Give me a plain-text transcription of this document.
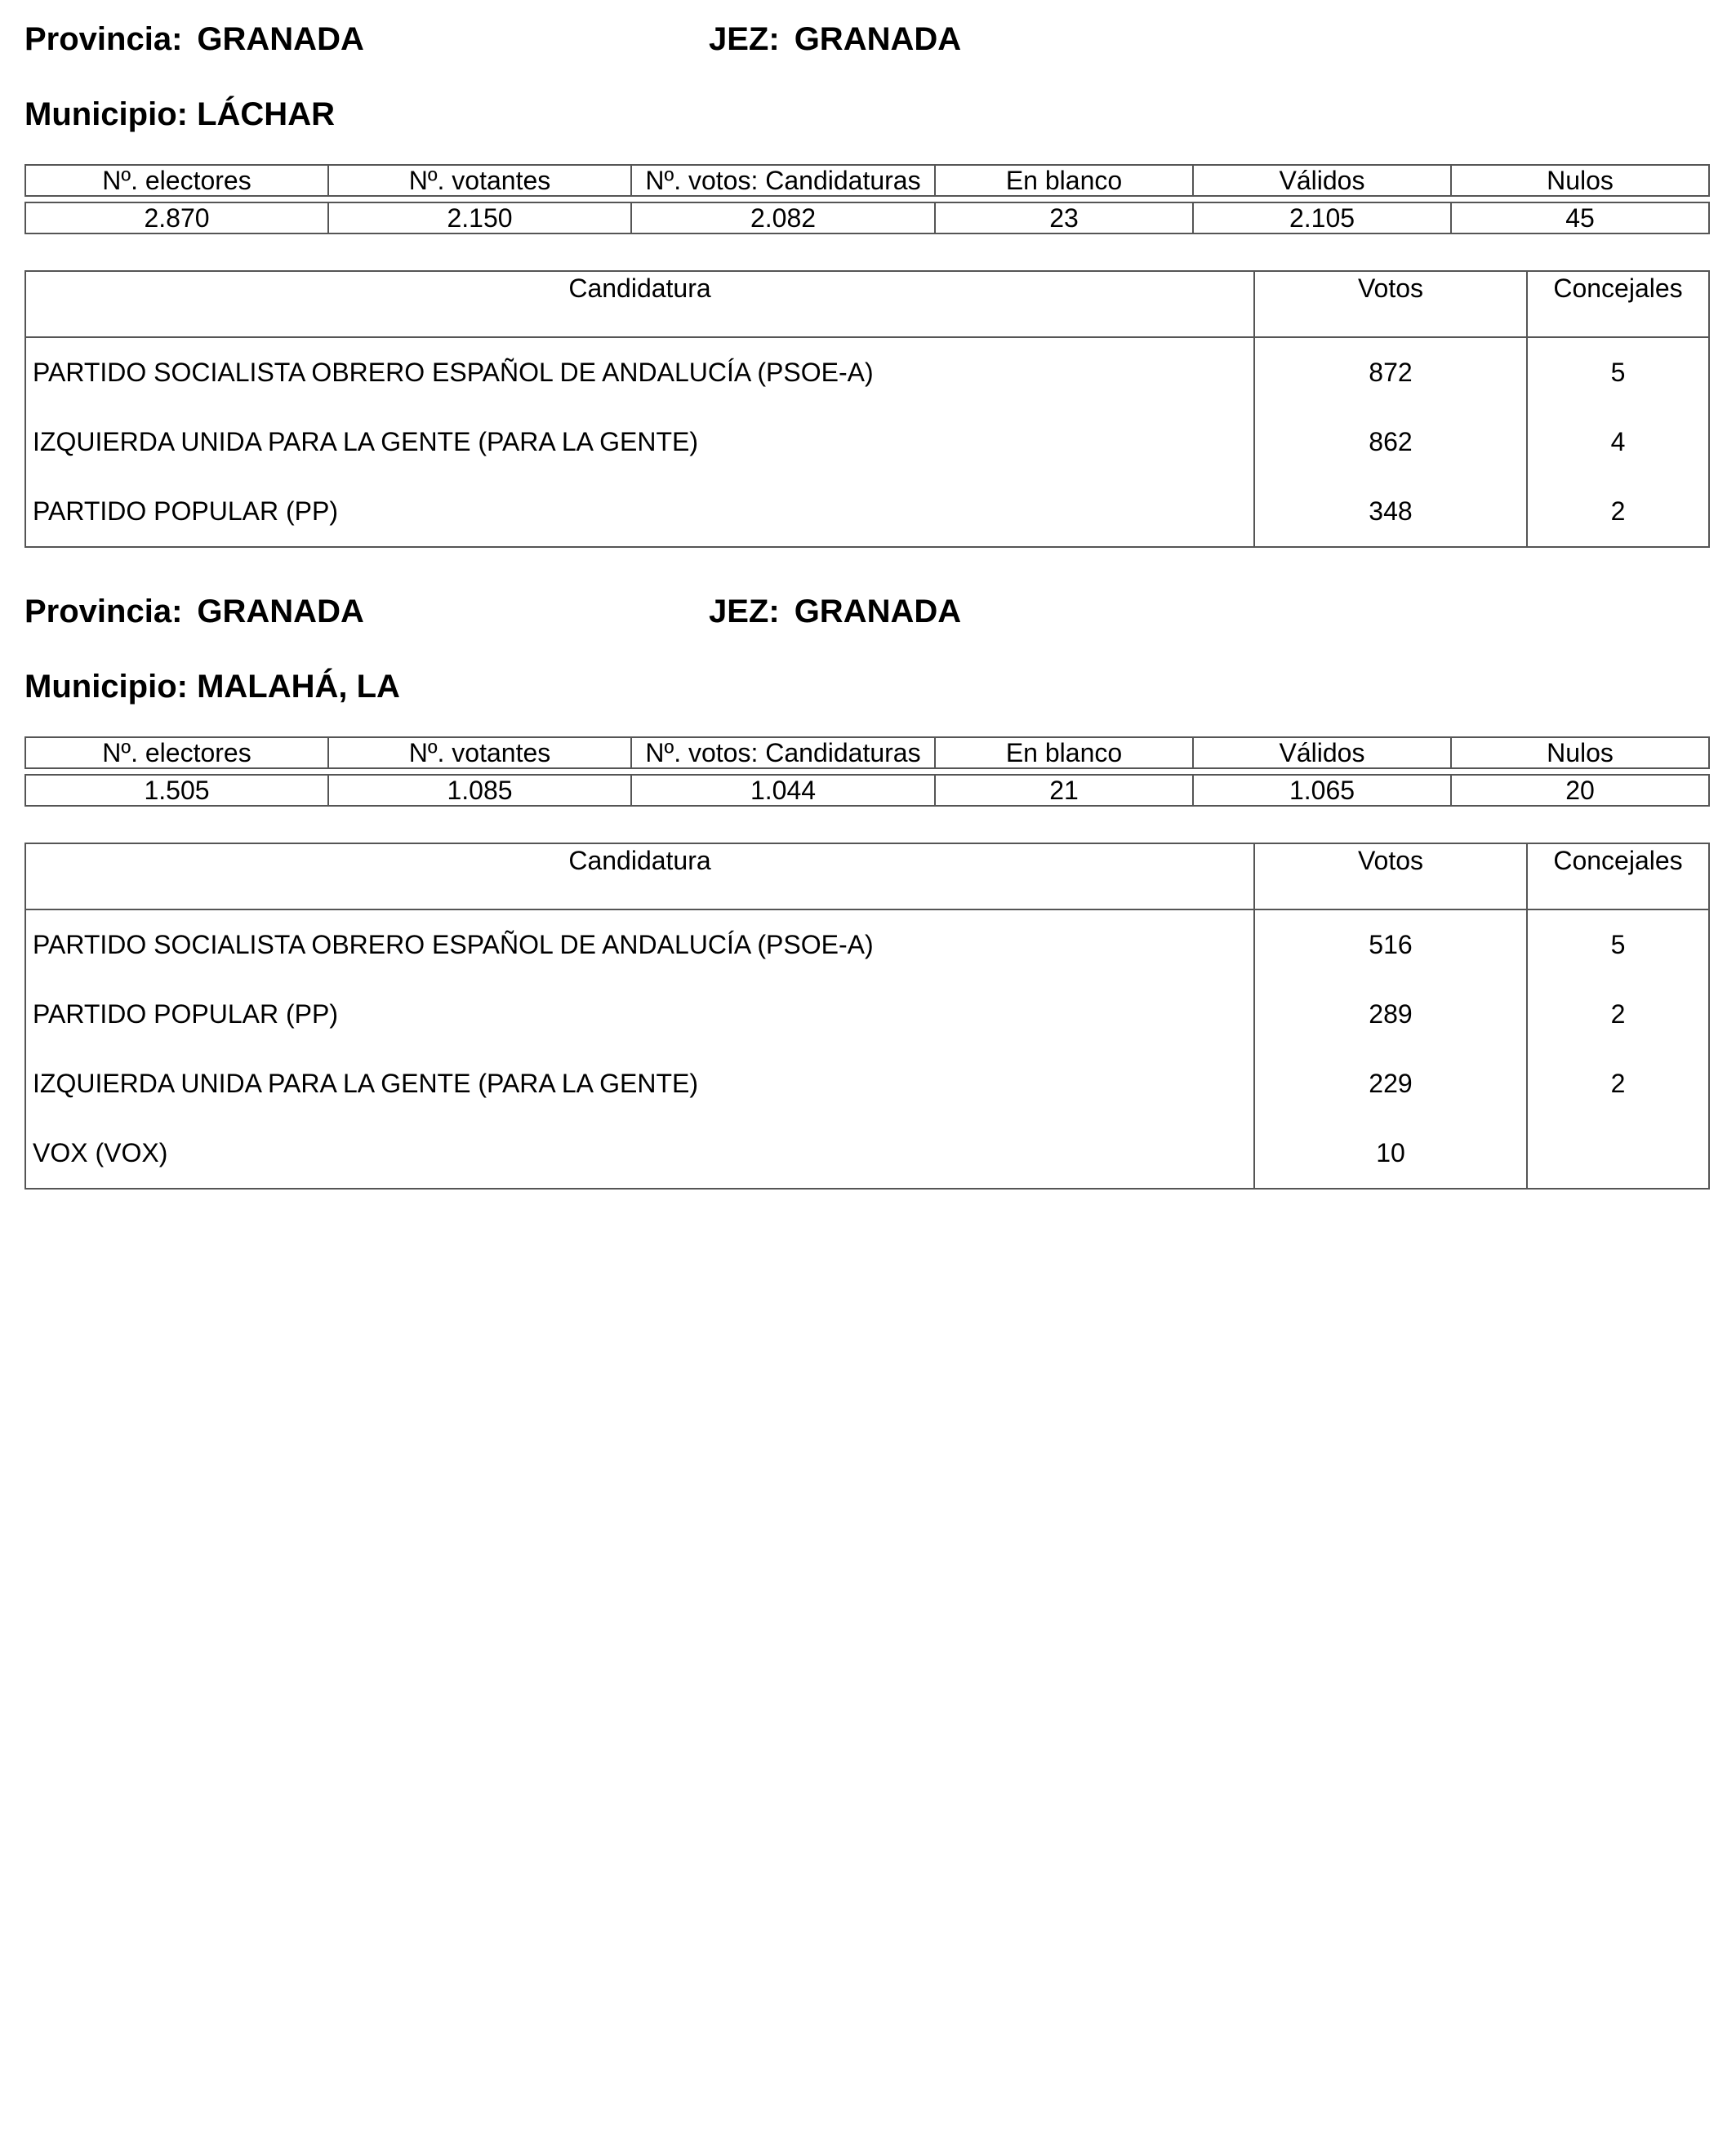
Provincia: GRANADA	JEZ: GRANADA
Municipio: LÁCHAR
Nº. electores	Nº. votantes	Nº. votos: Candidaturas	En blanco	Válidos	Nulos

2.870	2.150	2.082	23	2.105	45
Candidatura	Votos	Concejales
PARTIDO SOCIALISTA OBRERO ESPAÑOL DE ANDALUCÍA (PSOE-A)	872	5
IZQUIERDA UNIDA PARA LA GENTE (PARA LA GENTE)	862	4
PARTIDO POPULAR (PP)	348	2
Provincia: GRANADA	JEZ: GRANADA
Municipio: MALAHÁ, LA
Nº. electores	Nº. votantes	Nº. votos: Candidaturas	En blanco	Válidos	Nulos

1.505	1.085	1.044	21	1.065	20
Candidatura	Votos	Concejales
PARTIDO SOCIALISTA OBRERO ESPAÑOL DE ANDALUCÍA (PSOE-A)	516	5
PARTIDO POPULAR (PP)	289	2
IZQUIERDA UNIDA PARA LA GENTE (PARA LA GENTE)	229	2
VOX (VOX)	10	
